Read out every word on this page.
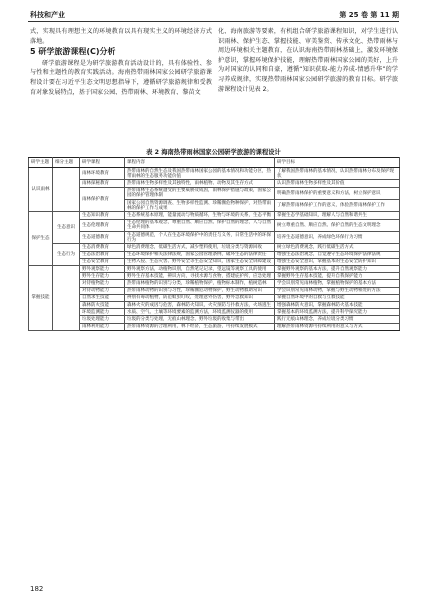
科技和产业	第 25 卷 第 11 期

式，实现具有理想主义的环境教育以具有现实主义的环境经济方式落地。

5 研学旅游课程(C)分析

研学旅游课程是为研学旅游教育活动设计的，具有体验性、参与性和主题性的教育实践活动。海南热带雨林国家公园研学旅游课程设计要在习近平生态文明思想指导下，遵循研学旅游规律和受教育对象发展特点，基于国家公园、热带雨林、环境教育、黎苗文

化、海南旅游等要素，有机组合研学旅游课程知识，对学生进行认识雨林、保护生态、掌握技能、审美鉴赏、传承文化、热带雨林与周边环境相关主题教育，在认识海南热带雨林基础上，激发环境保护意识，掌握环境保护技能，理解热带雨林国家公园的美好，上升为对国家的认同和自豪，遵循“知识获取-能力养成-情感升华”的学习养成规律，实现热带雨林国家公园研学旅游的教育目标。研学旅游课程设计见表 2。

表 2 海南热带雨林国家公园研学旅游的课程设计
研学主题	细分主题	研学课程	课程内容	研学目标
认识雨林		雨林环境教育	热带雨林的自然生态及我国热带雨林国家公园的基本情况和功能分区，热带雨林的生态服务功能价值	了解我国热带雨林的基本情况，认识热带雨林分布及保护现状
		雨林探秘教育	热带雨林生物多样性及其独特性，雨林植物、动物及其生存方式	认识热带雨林生物多样性及其价值
		雨林保护教育	热带雨林生态系统遭受的主要威胁及成因，雨林保护措施与政策，国家公园的保护管理体制	明确热带雨林保护的重要意义和方法，树立保护意识
			国家公园自然资源调查、生物多样性监测、珍稀濒危物种保护，对热带雨林的保护工作与成果	了解热带雨林保护工作的意义，体验热带雨林保护工作
保护生态	生态意识	生态知识教育	生态系统基本原理，能量流动与物质循环，生物与环境的关系，生态平衡	掌握生态学基础知识，理解人与自然和谐共生
		生态伦理教育	生态伦理的基本观念，尊重自然、顺应自然、保护自然的理念，人与自然生命共同体	树立尊重自然、顺应自然、保护自然的生态文明理念
		生态道德教育	生态道德规范，个人在生态环境保护中的责任与义务，日常生活中的环保行为	培养生态道德意识，养成绿色环保行为习惯
	生态行为	生态消费教育	绿色消费理念，低碳生活方式，减少塑料使用，垃圾分类与资源回收	树立绿色消费观念，践行低碳生活方式
		生态法治教育	生态环境保护相关法律法规，国家公园管理条例，破坏生态的法律责任	增强生态法治观念，自觉遵守生态环境保护法律法规
		生态安全教育	生物入侵、生态灾害、野外安全等生态安全知识，国家生态安全屏障建设	增强生态安全意识，掌握基本的生态安全防护知识
掌握技能		野外观察能力	野外观察方法，动植物识别，自然笔记记录，望远镜等观察工具的使用	掌握野外观察的基本方法，提升自然观察能力
		野外生存能力	野外生存基本技能，辨识方向，寻找水源与食物，搭建庇护所，应急处理	掌握野外生存基本技能，提升自我保护能力
		对待植物能力	热带雨林植物的识别与分类，珍稀植物保护，植物标本制作，植树造林	学会识别常见雨林植物，掌握植物保护的基本方法
		对待动物能力	热带雨林动物的识别与习性，珍稀濒危动物保护，野生动物救助常识	学会识别常见雨林动物，掌握与野生动物相处的方法
		自然求生技能	辨别有毒动植物，防范蚊虫叮咬，处理意外伤害，野外急救知识	掌握自然环境中的自救与互救技能
		森林防火技能	森林火灾的成因与危害，森林防火知识，火灾预防与扑救方法，火场逃生	增强森林防火意识，掌握森林防火基本技能
		环境监测能力	水质、空气、土壤等环境要素的监测方法，环境监测仪器的使用	掌握基本的环境监测方法，提升科学探究能力
		垃圾处理能力	垃圾的分类与处理，无痕山林理念，野外垃圾的收集与带出	践行无痕山林理念，养成垃圾分类习惯
		雨林利用能力	热带雨林资源的合理利用，林下经济，生态旅游，可持续发展模式	理解热带雨林资源可持续利用的意义与方式
182
